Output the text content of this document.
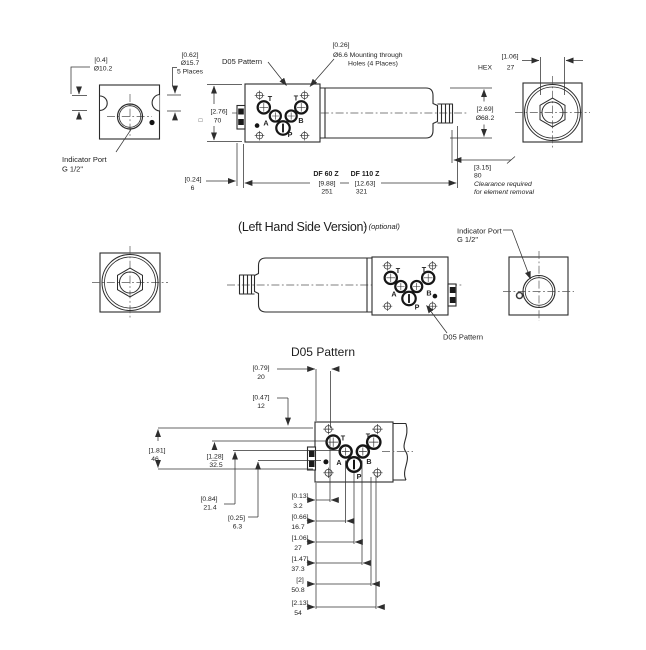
Indicator Port
G 1/2"
[0.4]
Ø10.2
[0.62]
Ø15.7
5 Places
T	T
A	B
P
D05 Pattern
[0.26]
Ø6.6 Mounting through
Holes (4 Places)
[2.76]
□ 70
[0.24]
6
DF 60 Z DF 110 Z
[9.88]	[12.63]
251	321
[2.69]
Ø68.2
[3.15]
80
Clearance required
for element removal
HEX
[1.06]
27
(Left Hand Side Version)
- (optional)
T	T
A	B
P
D05 Pattern
Indicator Port
G 1/2"
D05 Pattern
T	T
A	B
P
[0.79]
20
[0.47]
12
[1.81]
46	[1.28]
32.5
[0.84]
21.4
[0.25]
6.3
[0.13]
3.2
[0.66]
16.7
[1.06]
27
[1.47]
37.3
[2]
50.8
[2.13]
54
